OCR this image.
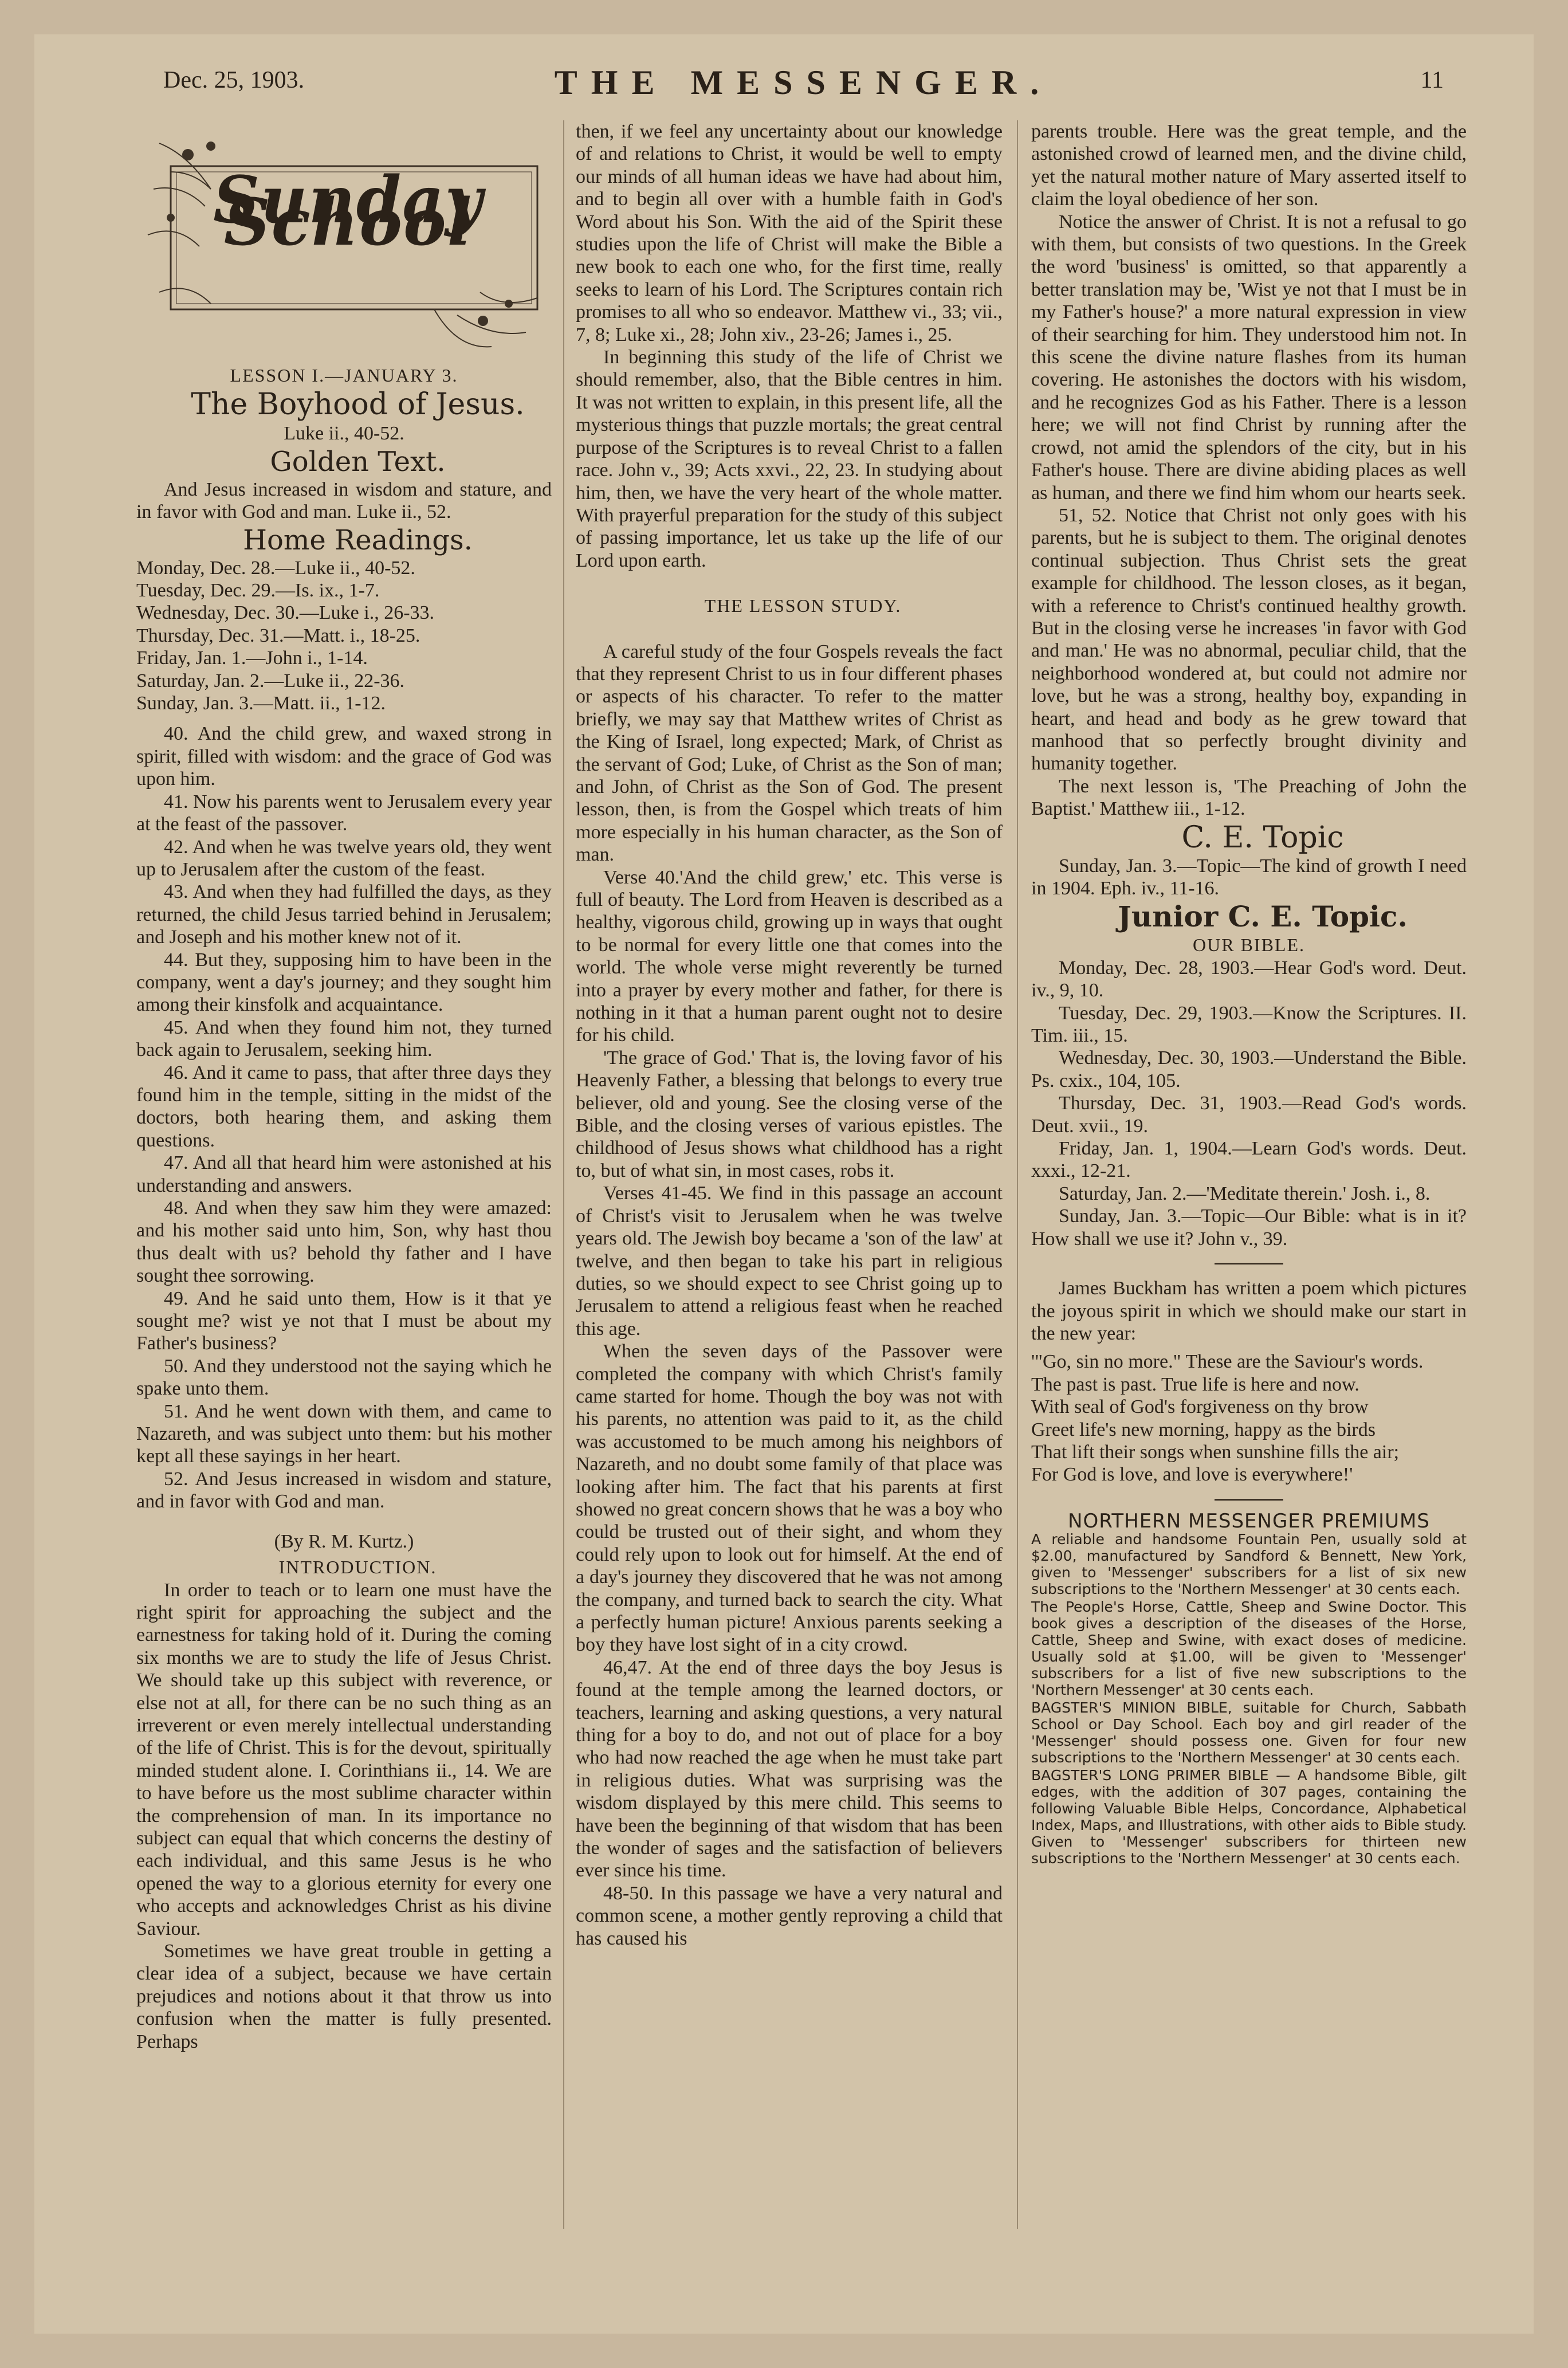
Dec. 25, 1903.	THE MESSENGER.	11
Sunday School

LESSON I.—JANUARY 3.

The Boyhood of Jesus.

Luke ii., 40-52.

Golden Text.

And Jesus increased in wisdom and stature, and in favor with God and man. Luke ii., 52.

Home Readings.

Monday, Dec. 28.—Luke ii., 40-52.

Tuesday, Dec. 29.—Is. ix., 1-7.

Wednesday, Dec. 30.—Luke i., 26-33.

Thursday, Dec. 31.—Matt. i., 18-25.

Friday, Jan. 1.—John i., 1-14.

Saturday, Jan. 2.—Luke ii., 22-36.

Sunday, Jan. 3.—Matt. ii., 1-12.

40. And the child grew, and waxed strong in spirit, filled with wisdom: and the grace of God was upon him.

41. Now his parents went to Jerusalem every year at the feast of the passover.

42. And when he was twelve years old, they went up to Jerusalem after the custom of the feast.

43. And when they had fulfilled the days, as they returned, the child Jesus tarried behind in Jerusalem; and Joseph and his mother knew not of it.

44. But they, supposing him to have been in the company, went a day's journey; and they sought him among their kinsfolk and acquaintance.

45. And when they found him not, they turned back again to Jerusalem, seeking him.

46. And it came to pass, that after three days they found him in the temple, sitting in the midst of the doctors, both hearing them, and asking them questions.

47. And all that heard him were astonished at his understanding and answers.

48. And when they saw him they were amazed: and his mother said unto him, Son, why hast thou thus dealt with us? behold thy father and I have sought thee sorrowing.

49. And he said unto them, How is it that ye sought me? wist ye not that I must be about my Father's business?

50. And they understood not the saying which he spake unto them.

51. And he went down with them, and came to Nazareth, and was subject unto them: but his mother kept all these sayings in her heart.

52. And Jesus increased in wisdom and stature, and in favor with God and man.

(By R. M. Kurtz.)

INTRODUCTION.

In order to teach or to learn one must have the right spirit for approaching the subject and the earnestness for taking hold of it. During the coming six months we are to study the life of Jesus Christ. We should take up this subject with reverence, or else not at all, for there can be no such thing as an irreverent or even merely intellectual understanding of the life of Christ. This is for the devout, spiritually minded student alone. I. Corinthians ii., 14. We are to have before us the most sublime character within the comprehension of man. In its importance no subject can equal that which concerns the destiny of each individual, and this same Jesus is he who opened the way to a glorious eternity for every one who accepts and acknowledges Christ as his divine Saviour.

Sometimes we have great trouble in getting a clear idea of a subject, because we have certain prejudices and notions about it that throw us into confusion when the matter is fully presented. Perhaps

then, if we feel any uncertainty about our knowledge of and relations to Christ, it would be well to empty our minds of all human ideas we have had about him, and to begin all over with a humble faith in God's Word about his Son. With the aid of the Spirit these studies upon the life of Christ will make the Bible a new book to each one who, for the first time, really seeks to learn of his Lord. The Scriptures contain rich promises to all who so endeavor. Matthew vi., 33; vii., 7, 8; Luke xi., 28; John xiv., 23-26; James i., 25.

In beginning this study of the life of Christ we should remember, also, that the Bible centres in him. It was not written to explain, in this present life, all the mysterious things that puzzle mortals; the great central purpose of the Scriptures is to reveal Christ to a fallen race. John v., 39; Acts xxvi., 22, 23. In studying about him, then, we have the very heart of the whole matter. With prayerful preparation for the study of this subject of passing importance, let us take up the life of our Lord upon earth.

THE LESSON STUDY.

A careful study of the four Gospels reveals the fact that they represent Christ to us in four different phases or aspects of his character. To refer to the matter briefly, we may say that Matthew writes of Christ as the King of Israel, long expected; Mark, of Christ as the servant of God; Luke, of Christ as the Son of man; and John, of Christ as the Son of God. The present lesson, then, is from the Gospel which treats of him more especially in his human character, as the Son of man.

Verse 40.'And the child grew,' etc. This verse is full of beauty. The Lord from Heaven is described as a healthy, vigorous child, growing up in ways that ought to be normal for every little one that comes into the world. The whole verse might reverently be turned into a prayer by every mother and father, for there is nothing in it that a human parent ought not to desire for his child.

'The grace of God.' That is, the loving favor of his Heavenly Father, a blessing that belongs to every true believer, old and young. See the closing verse of the Bible, and the closing verses of various epistles. The childhood of Jesus shows what childhood has a right to, but of what sin, in most cases, robs it.

Verses 41-45. We find in this passage an account of Christ's visit to Jerusalem when he was twelve years old. The Jewish boy became a 'son of the law' at twelve, and then began to take his part in religious duties, so we should expect to see Christ going up to Jerusalem to attend a religious feast when he reached this age.

When the seven days of the Passover were completed the company with which Christ's family came started for home. Though the boy was not with his parents, no attention was paid to it, as the child was accustomed to be much among his neighbors of Nazareth, and no doubt some family of that place was looking after him. The fact that his parents at first showed no great concern shows that he was a boy who could be trusted out of their sight, and whom they could rely upon to look out for himself. At the end of a day's journey they discovered that he was not among the company, and turned back to search the city. What a perfectly human picture! Anxious parents seeking a boy they have lost sight of in a city crowd.

46,47. At the end of three days the boy Jesus is found at the temple among the learned doctors, or teachers, learning and asking questions, a very natural thing for a boy to do, and not out of place for a boy who had now reached the age when he must take part in religious duties. What was surprising was the wisdom displayed by this mere child. This seems to have been the beginning of that wisdom that has been the wonder of sages and the satisfaction of believers ever since his time.

48-50. In this passage we have a very natural and common scene, a mother gently reproving a child that has caused his

parents trouble. Here was the great temple, and the astonished crowd of learned men, and the divine child, yet the natural mother nature of Mary asserted itself to claim the loyal obedience of her son.

Notice the answer of Christ. It is not a refusal to go with them, but consists of two questions. In the Greek the word 'business' is omitted, so that apparently a better translation may be, 'Wist ye not that I must be in my Father's house?' a more natural expression in view of their searching for him. They understood him not. In this scene the divine nature flashes from its human covering. He astonishes the doctors with his wisdom, and he recognizes God as his Father. There is a lesson here; we will not find Christ by running after the crowd, not amid the splendors of the city, but in his Father's house. There are divine abiding places as well as human, and there we find him whom our hearts seek.

51, 52. Notice that Christ not only goes with his parents, but he is subject to them. The original denotes continual subjection. Thus Christ sets the great example for childhood. The lesson closes, as it began, with a reference to Christ's continued healthy growth. But in the closing verse he increases 'in favor with God and man.' He was no abnormal, peculiar child, that the neighborhood wondered at, but could not admire nor love, but he was a strong, healthy boy, expanding in heart, and head and body as he grew toward that manhood that so perfectly brought divinity and humanity together.

The next lesson is, 'The Preaching of John the Baptist.' Matthew iii., 1-12.

C. E. Topic

Sunday, Jan. 3.—Topic—The kind of growth I need in 1904. Eph. iv., 11-16.

Junior C. E. Topic.

OUR BIBLE.

Monday, Dec. 28, 1903.—Hear God's word. Deut. iv., 9, 10.

Tuesday, Dec. 29, 1903.—Know the Scriptures. II. Tim. iii., 15.

Wednesday, Dec. 30, 1903.—Understand the Bible. Ps. cxix., 104, 105.

Thursday, Dec. 31, 1903.—Read God's words. Deut. xvii., 19.

Friday, Jan. 1, 1904.—Learn God's words. Deut. xxxi., 12-21.

Saturday, Jan. 2.—'Meditate therein.' Josh. i., 8.

Sunday, Jan. 3.—Topic—Our Bible: what is in it? How shall we use it? John v., 39.

James Buckham has written a poem which pictures the joyous spirit in which we should make our start in the new year:

'"Go, sin no more." These are the Saviour's words.

The past is past. True life is here and now.

With seal of God's forgiveness on thy brow

Greet life's new morning, happy as the birds

That lift their songs when sunshine fills the air;

For God is love, and love is everywhere!'

NORTHERN MESSENGER PREMIUMS

A reliable and handsome Fountain Pen, usually sold at $2.00, manufactured by Sandford & Bennett, New York, given to 'Messenger' subscribers for a list of six new subscriptions to the 'Northern Messenger' at 30 cents each.

The People's Horse, Cattle, Sheep and Swine Doctor. This book gives a description of the diseases of the Horse, Cattle, Sheep and Swine, with exact doses of medicine. Usually sold at $1.00, will be given to 'Messenger' subscribers for a list of five new subscriptions to the 'Northern Messenger' at 30 cents each.

BAGSTER'S MINION BIBLE, suitable for Church, Sabbath School or Day School. Each boy and girl reader of the 'Messenger' should possess one. Given for four new subscriptions to the 'Northern Messenger' at 30 cents each.

BAGSTER'S LONG PRIMER BIBLE — A handsome Bible, gilt edges, with the addition of 307 pages, containing the following Valuable Bible Helps, Concordance, Alphabetical Index, Maps, and Illustrations, with other aids to Bible study. Given to 'Messenger' subscribers for thirteen new subscriptions to the 'Northern Messenger' at 30 cents each.
